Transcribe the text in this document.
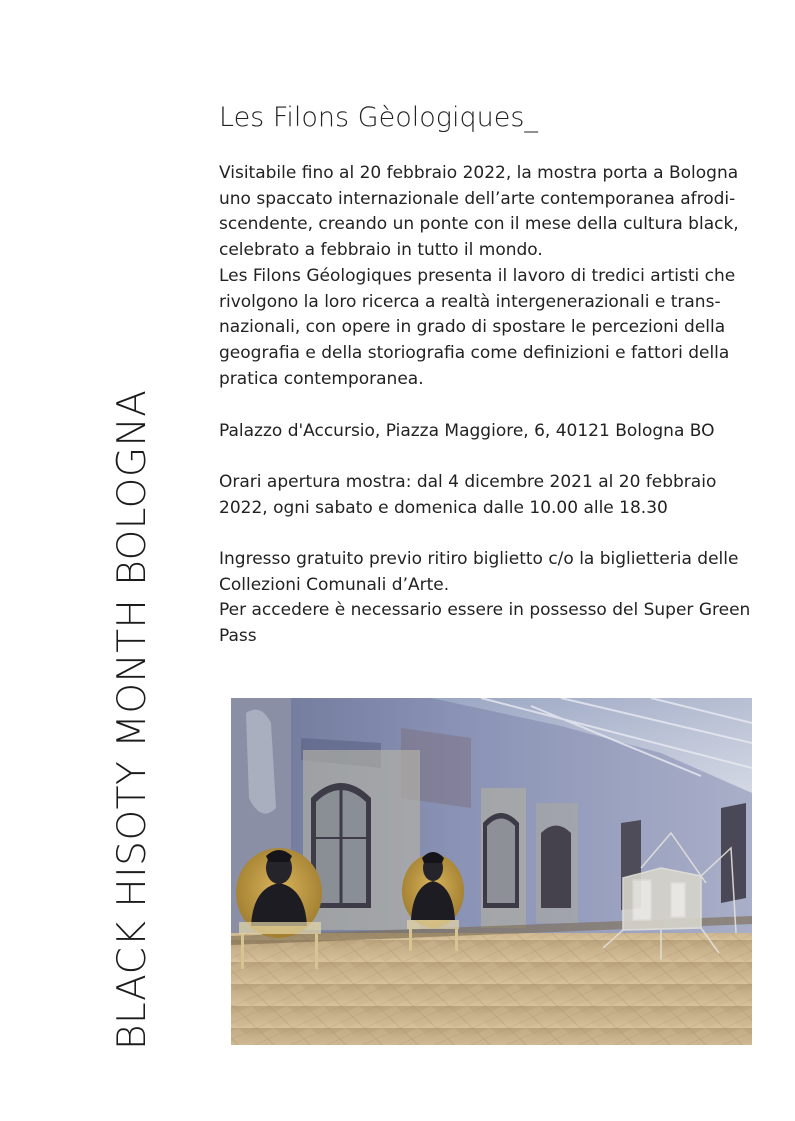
BLACK HISOTY MONTH BOLOGNA
Les Filons Gèologiques_

Visitabile fino al 20 febbraio 2022, la mostra porta a Bologna
uno spaccato internazionale dell’arte contemporanea afrodi-
scendente, creando un ponte con il mese della cultura black,
celebrato a febbraio in tutto il mondo.
Les Filons Géologiques presenta il lavoro di tredici artisti che
rivolgono la loro ricerca a realtà intergenerazionali e trans-
nazionali, con opere in grado di spostare le percezioni della
geografia e della storiografia come definizioni e fattori della
pratica contemporanea.

Palazzo d'Accursio, Piazza Maggiore, 6, 40121 Bologna BO

Orari apertura mostra: dal 4 dicembre 2021 al 20 febbraio
2022, ogni sabato e domenica dalle 10.00 alle 18.30

Ingresso gratuito previo ritiro biglietto c/o la biglietteria delle
Collezioni Comunali d’Arte.
Per accedere è necessario essere in possesso del Super Green
Pass
